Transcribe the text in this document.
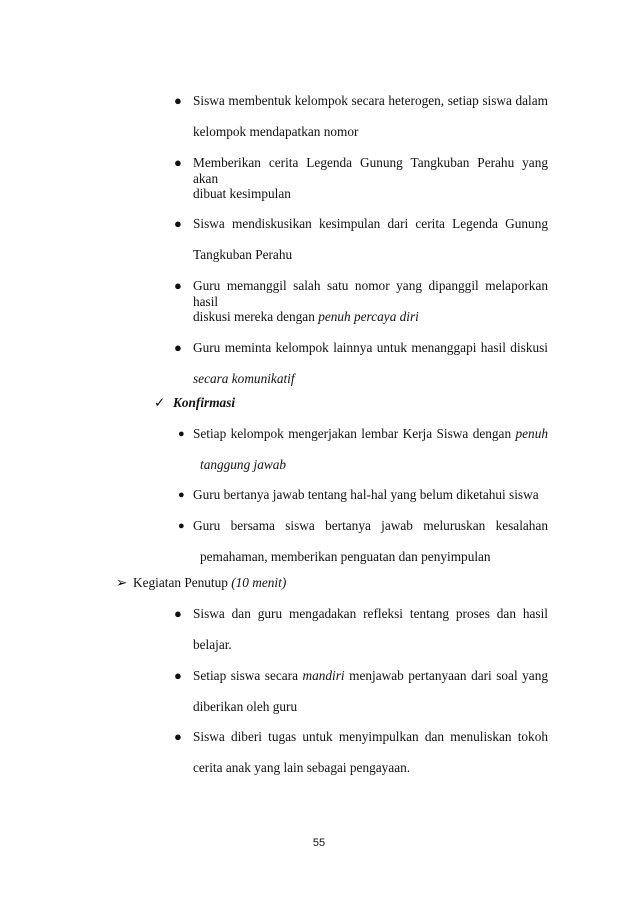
● Siswa membentuk kelompok secara heterogen, setiap siswa dalam
kelompok mendapatkan nomor
● Memberikan cerita Legenda Gunung Tangkuban Perahu yang akan
dibuat kesimpulan
● Siswa mendiskusikan kesimpulan dari cerita Legenda Gunung
Tangkuban Perahu
● Guru memanggil salah satu nomor yang dipanggil melaporkan hasil
diskusi mereka dengan penuh percaya diri
● Guru meminta kelompok lainnya untuk menanggapi hasil diskusi
secara komunikatif
✓ Konfirmasi
● Setiap kelompok mengerjakan lembar Kerja Siswa dengan penuh
tanggung jawab
● Guru bertanya jawab tentang hal-hal yang belum diketahui siswa
● Guru bersama siswa bertanya jawab meluruskan kesalahan
pemahaman, memberikan penguatan dan penyimpulan
➢ Kegiatan Penutup (10 menit)
● Siswa dan guru mengadakan refleksi tentang proses dan hasil
belajar.
● Setiap siswa secara mandiri menjawab pertanyaan dari soal yang
diberikan oleh guru
● Siswa diberi tugas untuk menyimpulkan dan menuliskan tokoh
cerita anak yang lain sebagai pengayaan.
55
